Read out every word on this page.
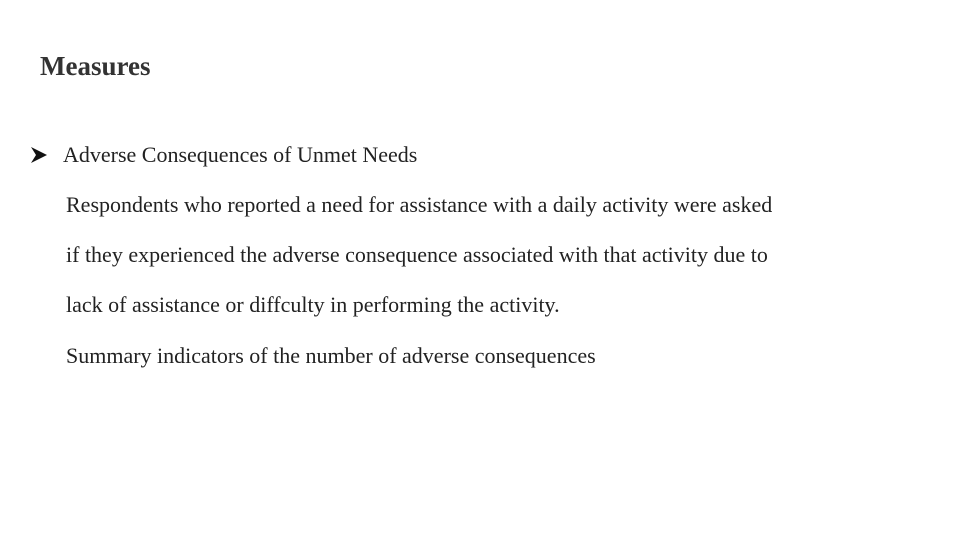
Measures
Adverse Consequences of Unmet Needs
Respondents who reported a need for assistance with a daily activity were asked
if they experienced the adverse consequence associated with that activity due to
lack of assistance or diffculty in performing the activity.
Summary indicators of the number of adverse consequences
